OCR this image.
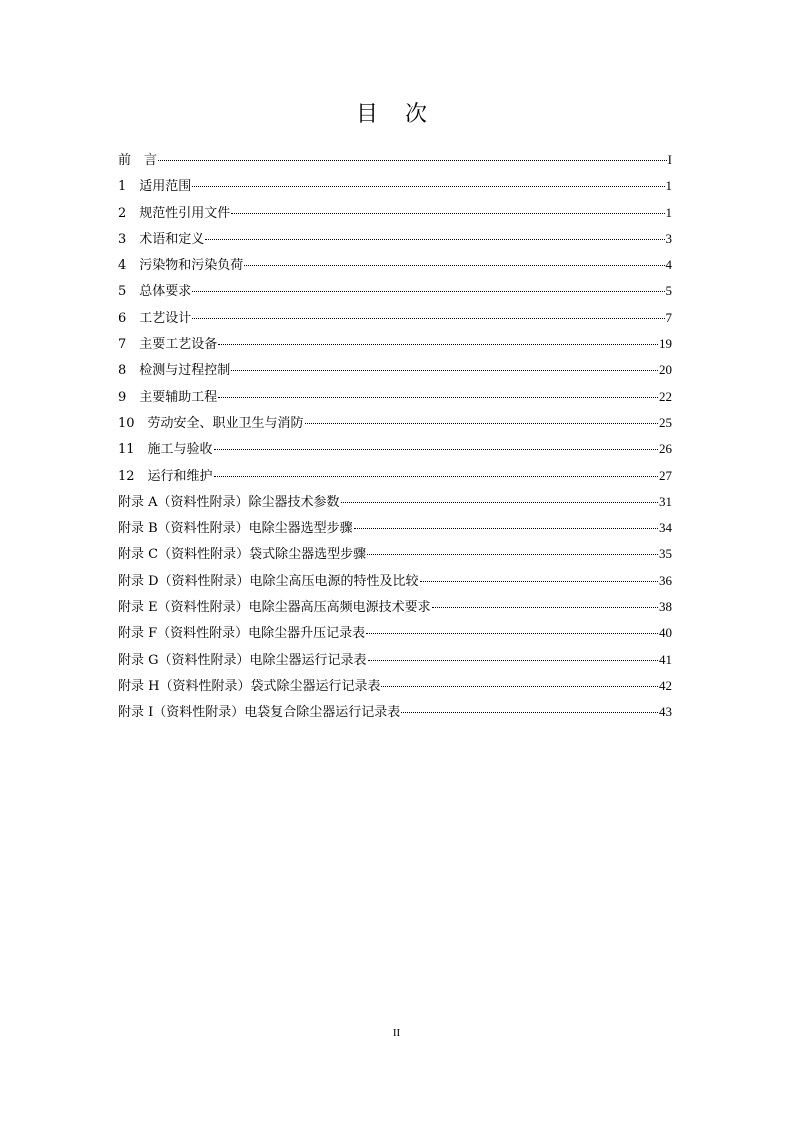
目 次
前　言	I
1　适用范围	1
2　规范性引用文件	1
3　术语和定义	3
4　污染物和污染负荷	4
5　总体要求	5
6　工艺设计	7
7　主要工艺设备	19
8　检测与过程控制	20
9　主要辅助工程	22
10　劳动安全、职业卫生与消防	25
11　施工与验收	26
12　运行和维护	27
附录 A（资料性附录）除尘器技术参数	31
附录 B（资料性附录）电除尘器选型步骤	34
附录 C（资料性附录）袋式除尘器选型步骤	35
附录 D（资料性附录）电除尘高压电源的特性及比较	36
附录 E（资料性附录）电除尘器高压高频电源技术要求	38
附录 F（资料性附录）电除尘器升压记录表	40
附录 G（资料性附录）电除尘器运行记录表	41
附录 H（资料性附录）袋式除尘器运行记录表	42
附录 I（资料性附录）电袋复合除尘器运行记录表	43
II
